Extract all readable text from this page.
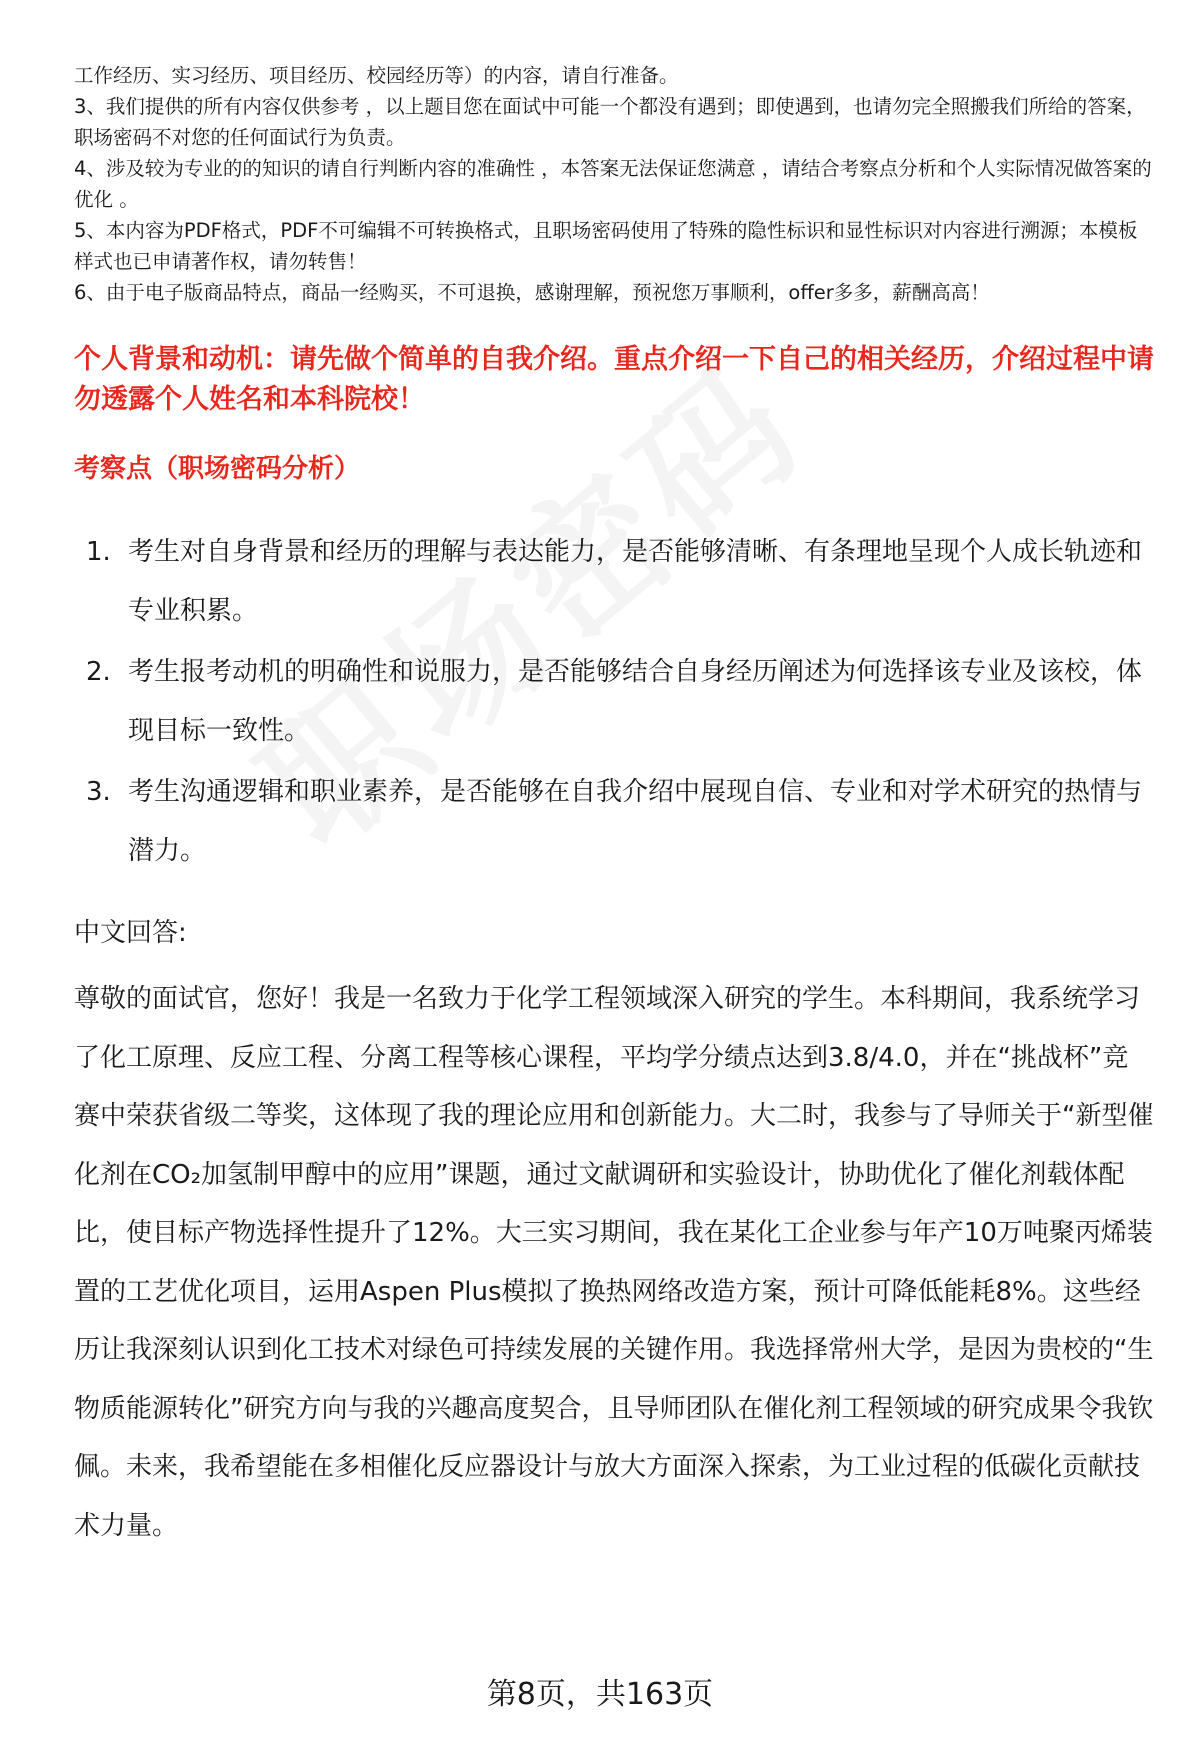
工作经历、实习经历、项目经历、校园经历等）的内容，请自行准备。

3、我们提供的所有内容仅供参考 ，以上题目您在面试中可能一个都没有遇到；即使遇到，也请勿完全照搬我们所给的答案，职场密码不对您的任何面试行为负责。

4、涉及较为专业的的知识的请自行判断内容的准确性 ，本答案无法保证您满意 ，请结合考察点分析和个人实际情况做答案的优化 。

5、本内容为PDF格式，PDF不可编辑不可转换格式，且职场密码使用了特殊的隐性标识和显性标识对内容进行溯源；本模板样式也已申请著作权，请勿转售！

6、由于电子版商品特点，商品一经购买，不可退换，感谢理解，预祝您万事顺利，offer多多，薪酬高高！

个人背景和动机：请先做个简单的自我介绍。重点介绍一下自己的相关经历，介绍过程中请勿透露个人姓名和本科院校！
考察点（职场密码分析）
1. 考生对自身背景和经历的理解与表达能力，是否能够清晰、有条理地呈现个人成长轨迹和专业积累。
2. 考生报考动机的明确性和说服力，是否能够结合自身经历阐述为何选择该专业及该校，体现目标一致性。
3. 考生沟通逻辑和职业素养，是否能够在自我介绍中展现自信、专业和对学术研究的热情与潜力。
中文回答:

尊敬的面试官，您好！我是一名致力于化学工程领域深入研究的学生。本科期间，我系统学习了化工原理、反应工程、分离工程等核心课程，平均学分绩点达到3.8/4.0，并在“挑战杯”竞赛中荣获省级二等奖，这体现了我的理论应用和创新能力。大二时，我参与了导师关于“新型催化剂在CO₂加氢制甲醇中的应用”课题，通过文献调研和实验设计，协助优化了催化剂载体配比，使目标产物选择性提升了12%。大三实习期间，我在某化工企业参与年产10万吨聚丙烯装置的工艺优化项目，运用Aspen Plus模拟了换热网络改造方案，预计可降低能耗8%。这些经历让我深刻认识到化工技术对绿色可持续发展的关键作用。我选择常州大学，是因为贵校的“生物质能源转化”研究方向与我的兴趣高度契合，且导师团队在催化剂工程领域的研究成果令我钦佩。未来，我希望能在多相催化反应器设计与放大方面深入探索，为工业过程的低碳化贡献技术力量。

第8页，共163页
